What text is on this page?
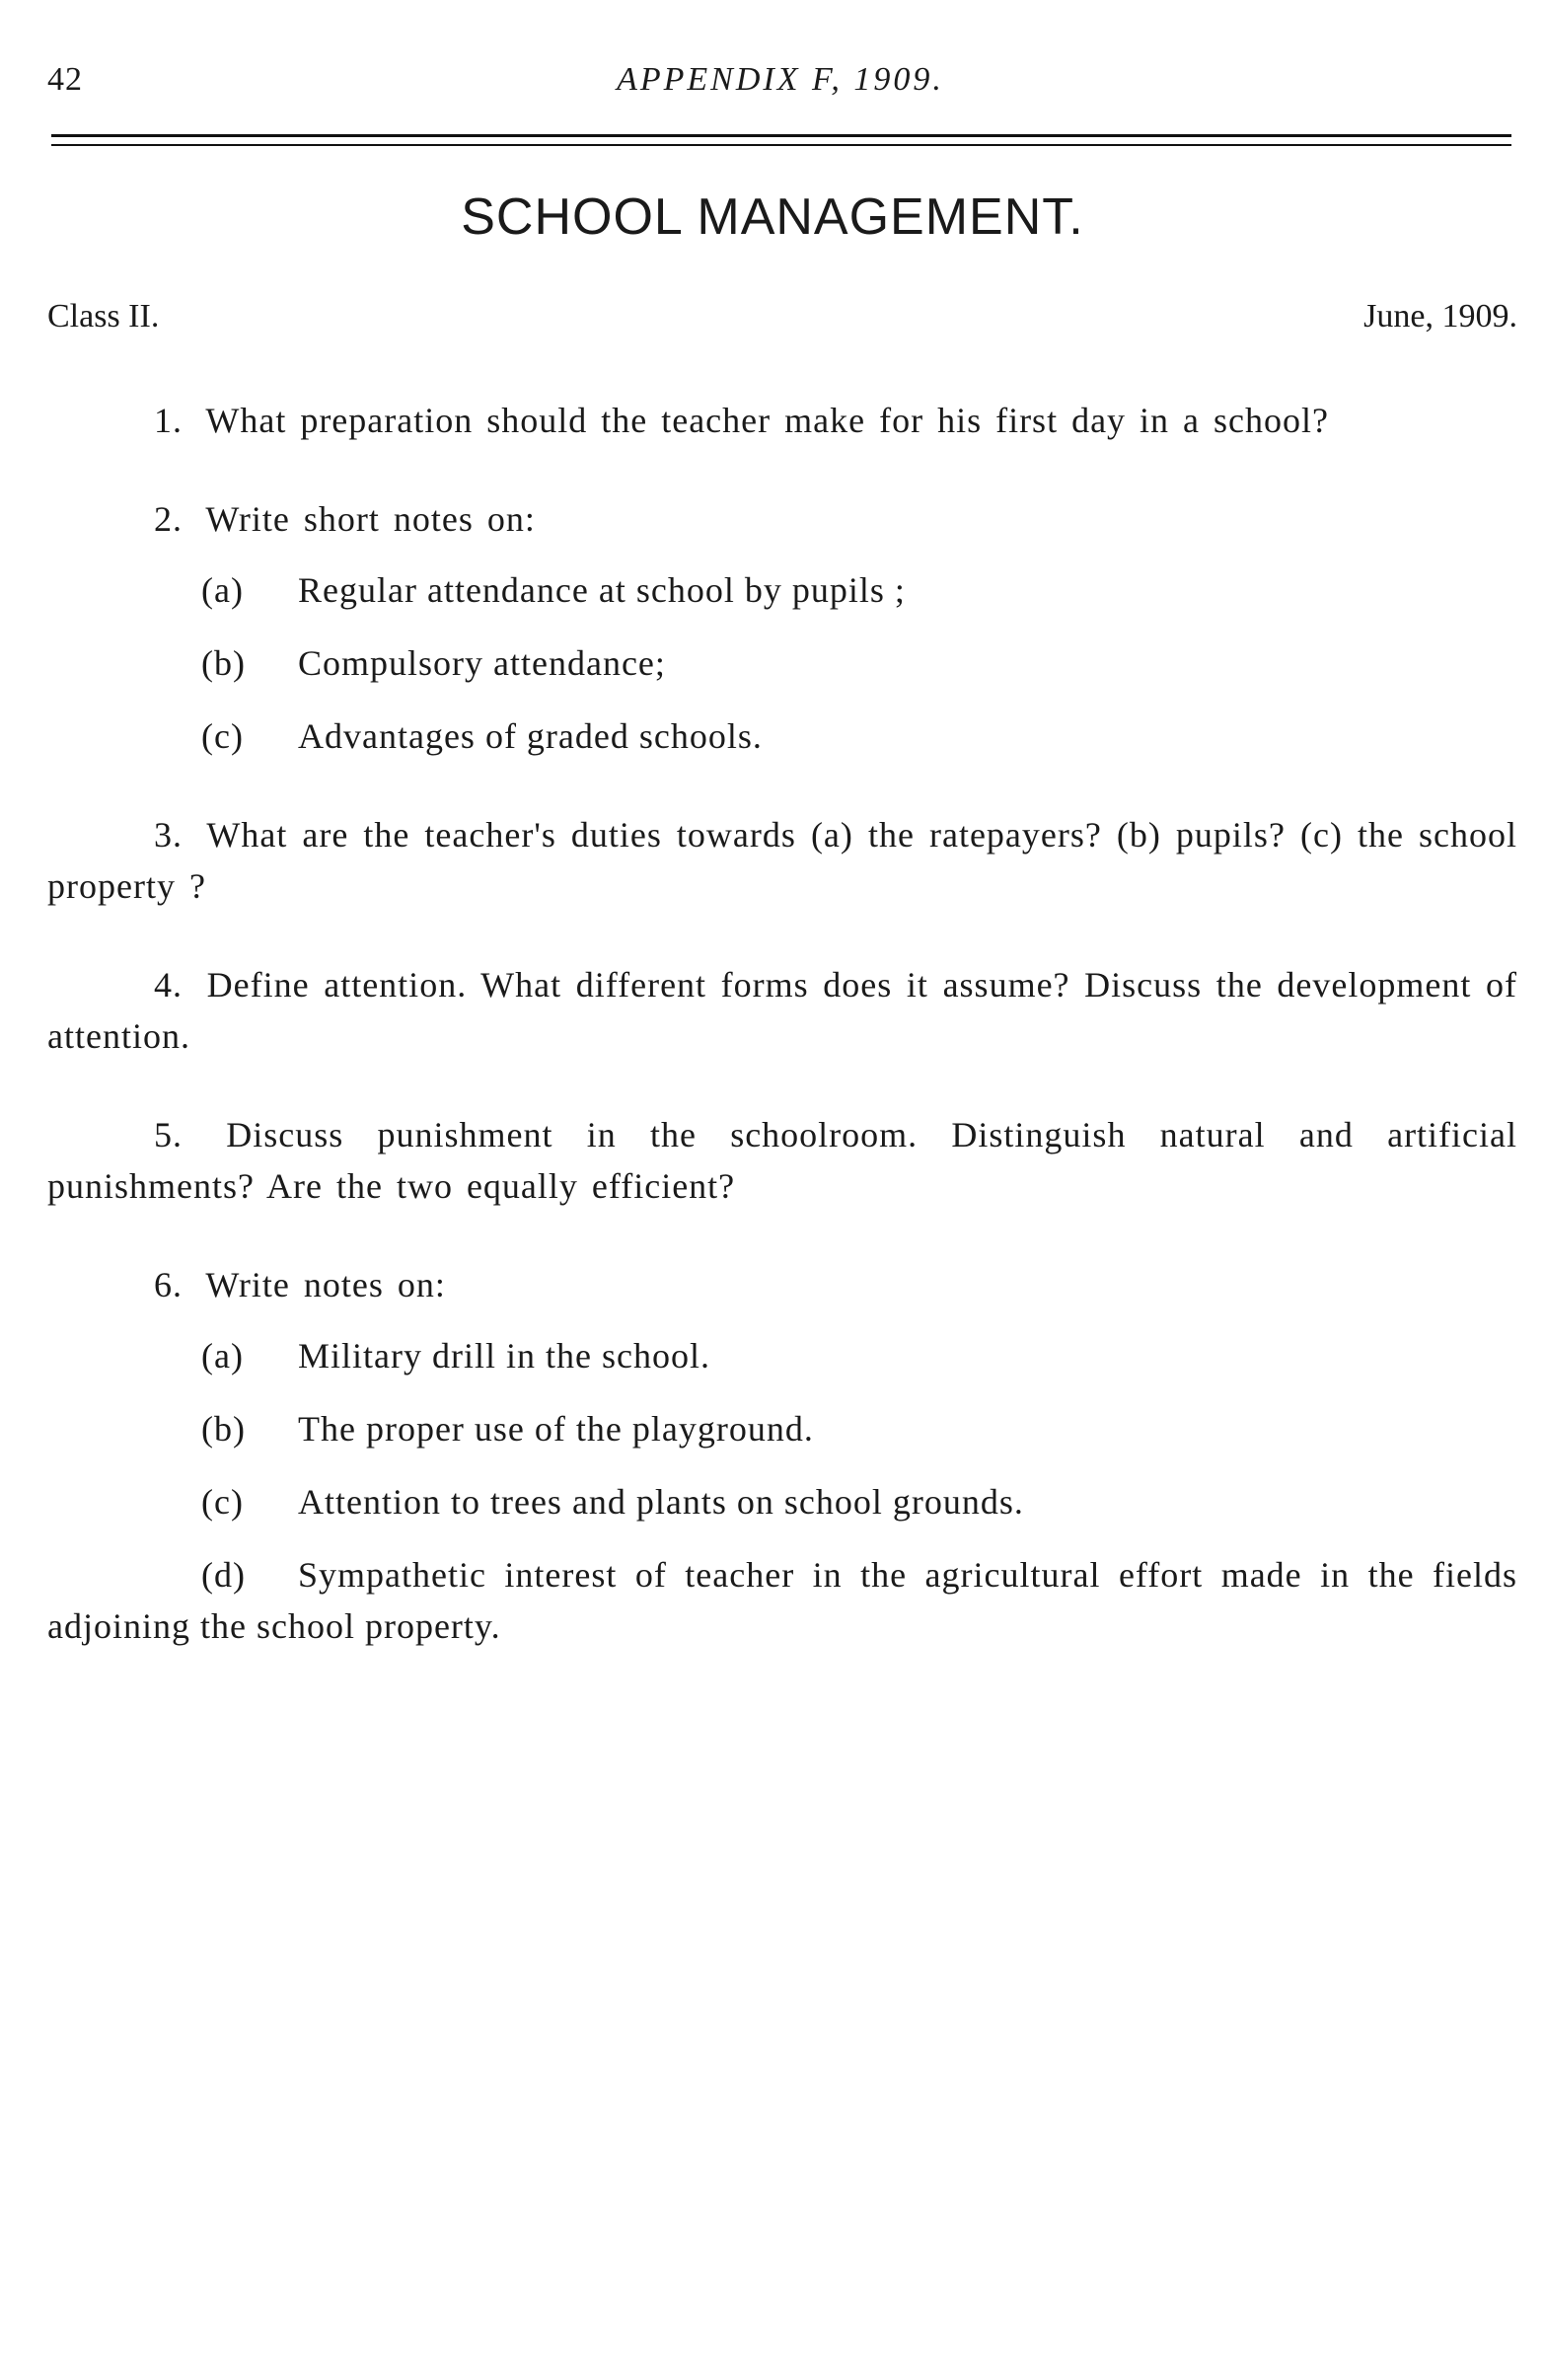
42	APPENDIX F, 1909.
SCHOOL MANAGEMENT.
Class II.	June, 1909.

1. What preparation should the teacher make for his first day in a school?

2. Write short notes on:

(a) Regular attendance at school by pupils ;

(b) Compulsory attendance;

(c) Advantages of graded schools.

3. What are the teacher's duties towards (a) the ratepayers? (b) pupils? (c) the school property ?

4. Define attention. What different forms does it assume? Discuss the development of attention.

5. Discuss punishment in the schoolroom. Distinguish natural and artificial punishments? Are the two equally efficient?

6. Write notes on:

(a) Military drill in the school.

(b) The proper use of the playground.

(c) Attention to trees and plants on school grounds.

(d) Sympathetic interest of teacher in the agricultural effort made in the fields adjoining the school property.
